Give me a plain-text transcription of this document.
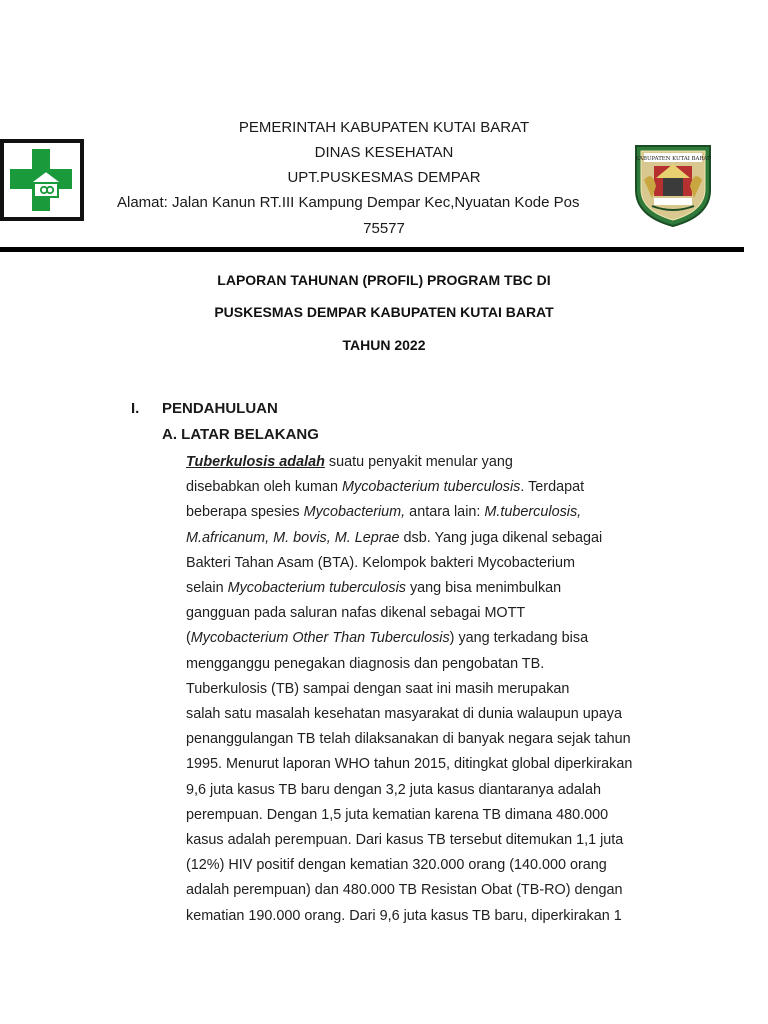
PEMERINTAH KABUPATEN KUTAI BARAT
DINAS KESEHATAN
UPT.PUSKESMAS DEMPAR
Alamat: Jalan Kanun RT.III Kampung Dempar Kec,Nyuatan Kode Pos
75577
KABUPATEN KUTAI BARAT
LAPORAN TAHUNAN (PROFIL) PROGRAM TBC DI
PUSKESMAS DEMPAR KABUPATEN KUTAI BARAT
TAHUN 2022
I. PENDAHULUAN
A. LATAR BELAKANG
Tuberkulosis adalah suatu penyakit menular yang
disebabkan oleh kuman Mycobacterium tuberculosis. Terdapat
beberapa spesies Mycobacterium, antara lain: M.tuberculosis,
M.africanum, M. bovis, M. Leprae dsb. Yang juga dikenal sebagai
Bakteri Tahan Asam (BTA). Kelompok bakteri Mycobacterium
selain Mycobacterium tuberculosis yang bisa menimbulkan
gangguan pada saluran nafas dikenal sebagai MOTT
(Mycobacterium Other Than Tuberculosis) yang terkadang bisa
mengganggu penegakan diagnosis dan pengobatan TB.
Tuberkulosis (TB) sampai dengan saat ini masih merupakan
salah satu masalah kesehatan masyarakat di dunia walaupun upaya
penanggulangan TB telah dilaksanakan di banyak negara sejak tahun
1995. Menurut laporan WHO tahun 2015, ditingkat global diperkirakan
9,6 juta kasus TB baru dengan 3,2 juta kasus diantaranya adalah
perempuan. Dengan 1,5 juta kematian karena TB dimana 480.000
kasus adalah perempuan. Dari kasus TB tersebut ditemukan 1,1 juta
(12%) HIV positif dengan kematian 320.000 orang (140.000 orang
adalah perempuan) dan 480.000 TB Resistan Obat (TB-RO) dengan
kematian 190.000 orang. Dari 9,6 juta kasus TB baru, diperkirakan 1
